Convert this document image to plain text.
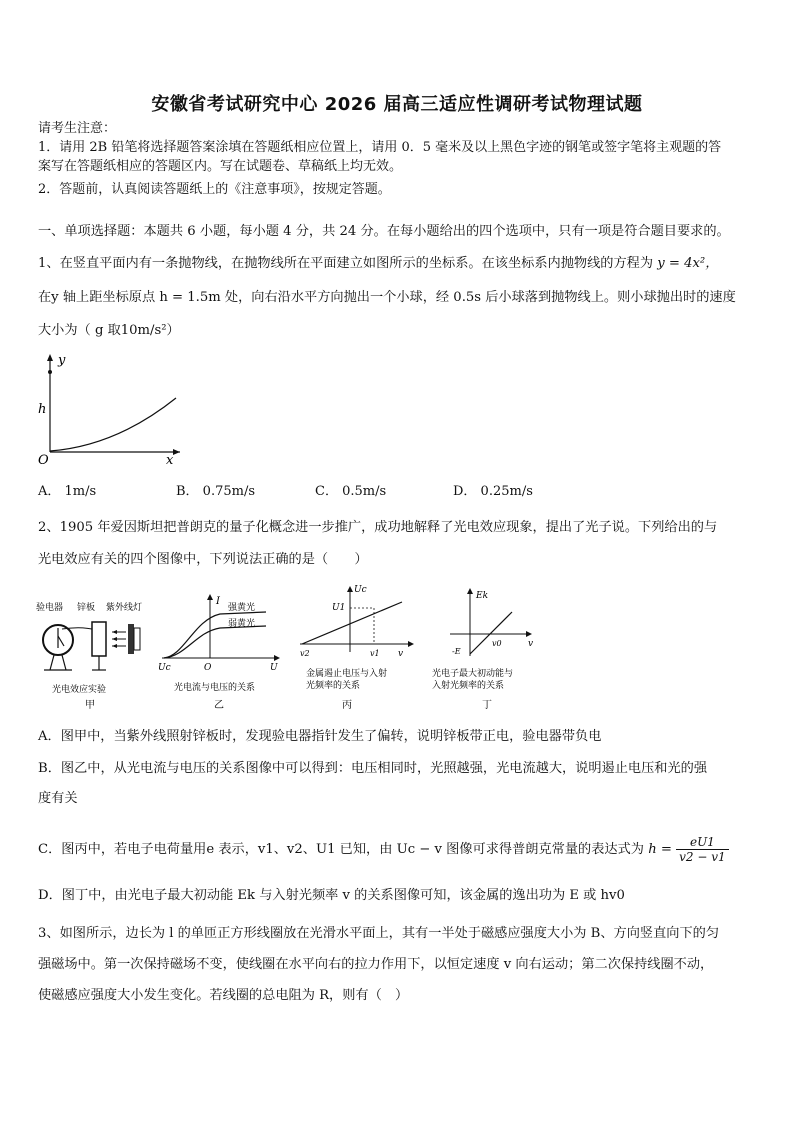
安徽省考试研究中心 2026 届高三适应性调研考试物理试题
请考生注意：
1．请用 2B 铅笔将选择题答案涂填在答题纸相应位置上，请用 0．5 毫米及以上黑色字迹的钢笔或签字笔将主观题的答
案写在答题纸相应的答题区内。写在试题卷、草稿纸上均无效。
2．答题前，认真阅读答题纸上的《注意事项》，按规定答题。
一、单项选择题：本题共 6 小题，每小题 4 分，共 24 分。在每小题给出的四个选项中，只有一项是符合题目要求的。
1、在竖直平面内有一条抛物线，在抛物线所在平面建立如图所示的坐标系。在该坐标系内抛物线的方程为 y = 4x²，
在y 轴上距坐标原点 h = 1.5m 处，向右沿水平方向抛出一个小球，经 0.5s 后小球落到抛物线上。则小球抛出时的速度
大小为（ g 取10m/s²）
y
h
O	x
A． 1m/s	B． 0.75m/s	C． 0.5m/s	D． 0.25m/s
2、1905 年爱因斯坦把普朗克的量子化概念进一步推广，成功地解释了光电效应现象，提出了光子说。下列给出的与
光电效应有关的四个图像中，下列说法正确的是（　　）
验电器 锌板 紫外线灯
光电效应实验
甲
I
强黄光
弱黄光
Uc	O	U
光电流与电压的关系
乙
Uc
U1
v2	v1 v
金属遏止电压与入射
光频率的关系
丙
Ek
-E
v0	v
光电子最大初动能与
入射光频率的关系
丁
A．图甲中，当紫外线照射锌板时，发现验电器指针发生了偏转，说明锌板带正电，验电器带负电
B．图乙中，从光电流与电压的关系图像中可以得到：电压相同时，光照越强，光电流越大，说明遏止电压和光的强
度有关
C．图丙中，若电子电荷量用e 表示，v1、v2、U1 已知，由 Uc − v 图像可求得普朗克常量的表达式为 $h = \frac{eU1}{v2 - v1}$
D．图丁中，由光电子最大初动能 Ek 与入射光频率 v 的关系图像可知，该金属的逸出功为 E 或 hv0
3、如图所示，边长为 l 的单匝正方形线圈放在光滑水平面上，其有一半处于磁感应强度大小为 B、方向竖直向下的匀
强磁场中。第一次保持磁场不变，使线圈在水平向右的拉力作用下，以恒定速度 v 向右运动；第二次保持线圈不动，
使磁感应强度大小发生变化。若线圈的总电阻为 R，则有（　）
